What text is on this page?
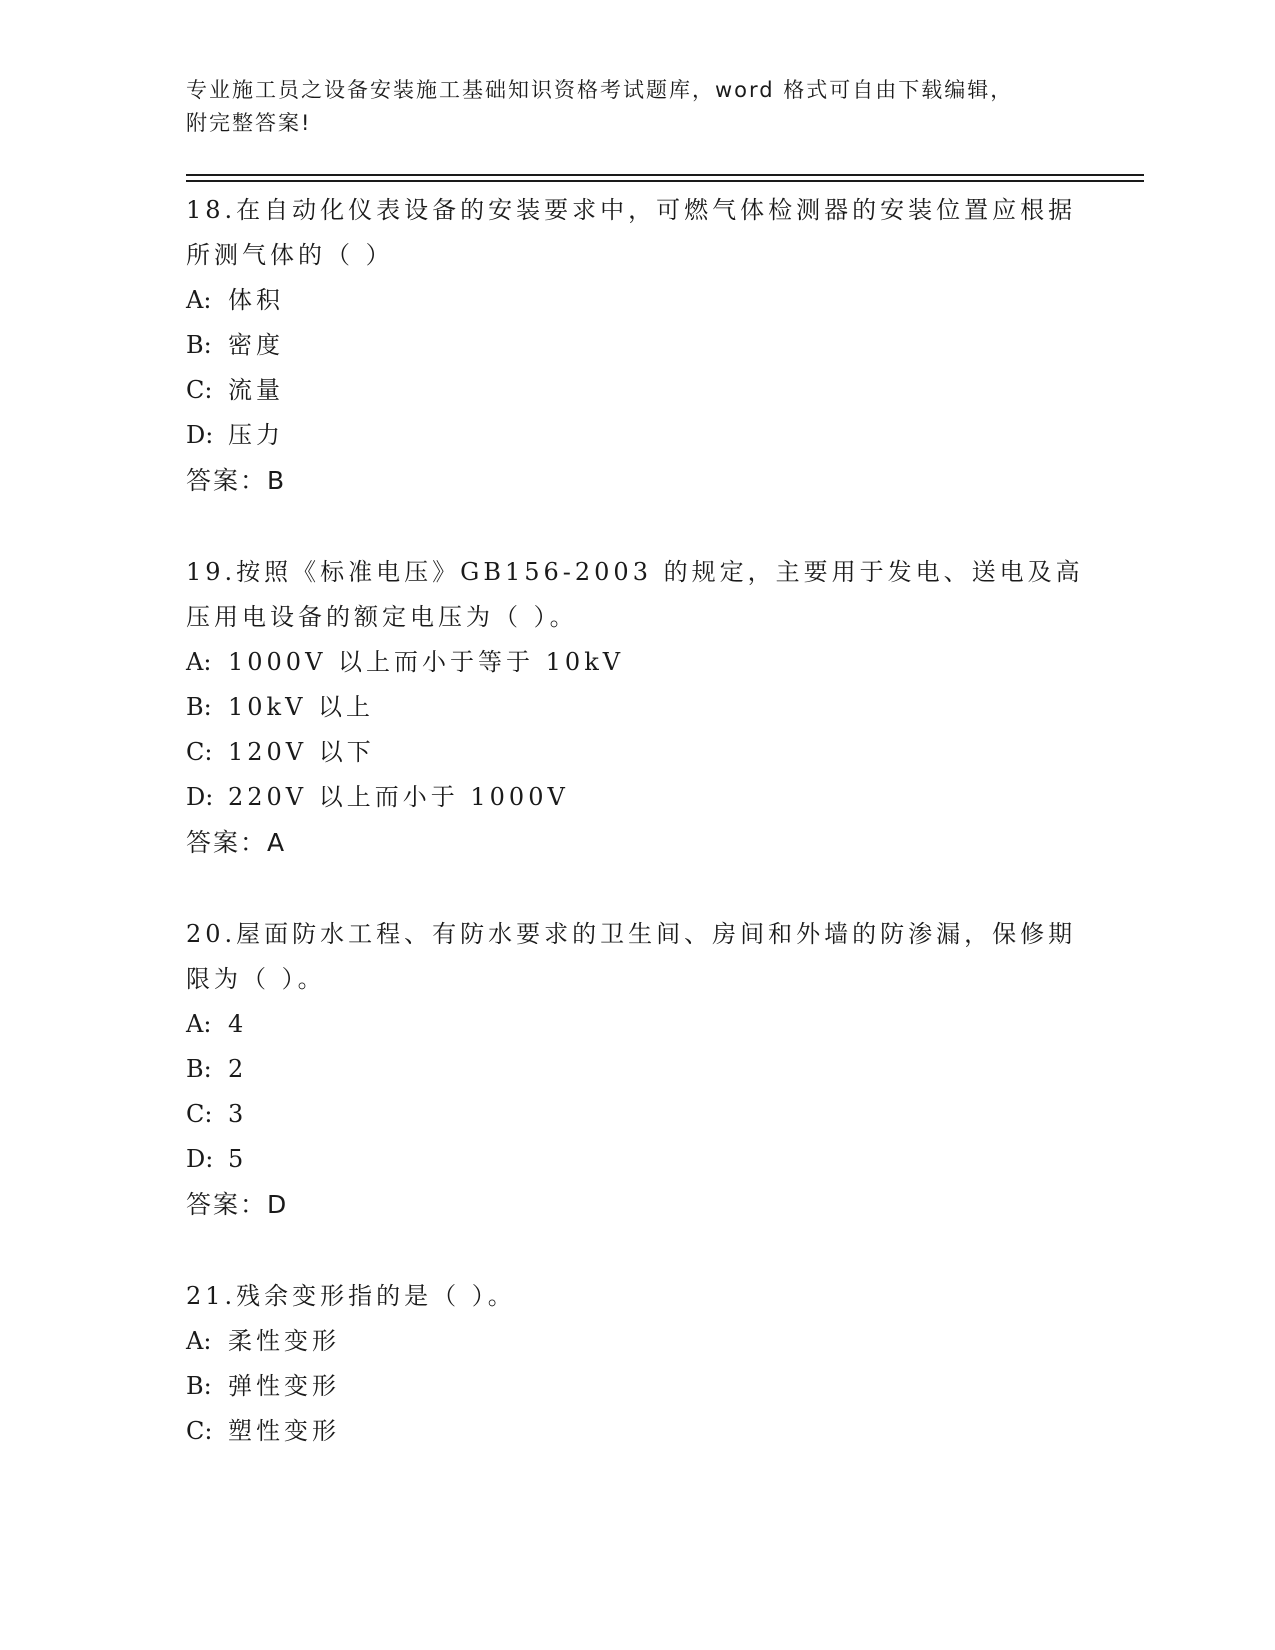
专业施工员之设备安装施工基础知识资格考试题库，word 格式可自由下载编辑，
附完整答案!

18.在自动化仪表设备的安装要求中，可燃气体检测器的安装位置应根据所测气体的（ ）

A: 体积

B: 密度

C: 流量

D: 压力

答案：B

19.按照《标准电压》GB156-2003 的规定，主要用于发电、送电及高压用电设备的额定电压为（ ）。

A: 1000V 以上而小于等于 10kV

B: 10kV 以上

C: 120V 以下

D: 220V 以上而小于 1000V

答案：A

20.屋面防水工程、有防水要求的卫生间、房间和外墙的防渗漏，保修期限为（ ）。

A: 4

B: 2

C: 3

D: 5

答案：D

21.残余变形指的是（ ）。

A: 柔性变形

B: 弹性变形

C: 塑性变形
